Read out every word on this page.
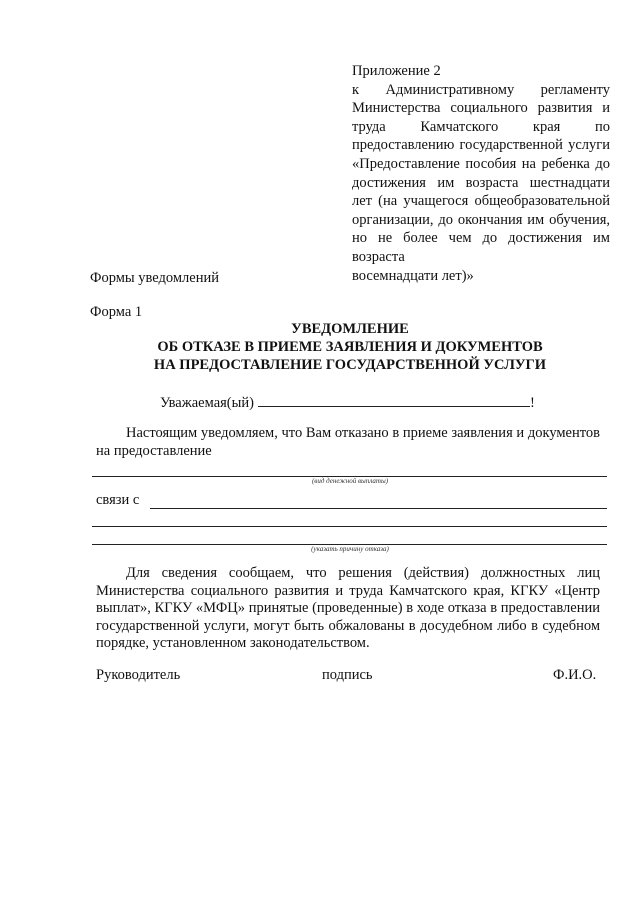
Приложение 2
к Административному регламенту Министерства социального развития и труда Камчатского края по предоставлению государственной услуги «Предоставление пособия на ребенка до достижения им возраста шестнадцати лет (на учащегося общеобразовательной организации, до окончания им обучения, но не более чем до достижения им возраста
восемнадцати лет)»
Формы уведомлений
Форма 1
УВЕДОМЛЕНИЕ
ОБ ОТКАЗЕ В ПРИЕМЕ ЗАЯВЛЕНИЯ И ДОКУМЕНТОВ
НА ПРЕДОСТАВЛЕНИЕ ГОСУДАРСТВЕННОЙ УСЛУГИ
Уважаемая(ый)	!
Настоящим уведомляем, что Вам отказано в приеме заявления и документов на предоставление
(вид денежной выплаты)
связи с
(указать причину отказа)
Для сведения сообщаем, что решения (действия) должностных лиц Министерства социального развития и труда Камчатского края, КГКУ «Центр выплат», КГКУ «МФЦ» принятые (проведенные) в ходе отказа в предоставлении государственной услуги, могут быть обжалованы в досудебном либо в судебном порядке, установленном законодательством.
Руководитель	подпись	Ф.И.О.
